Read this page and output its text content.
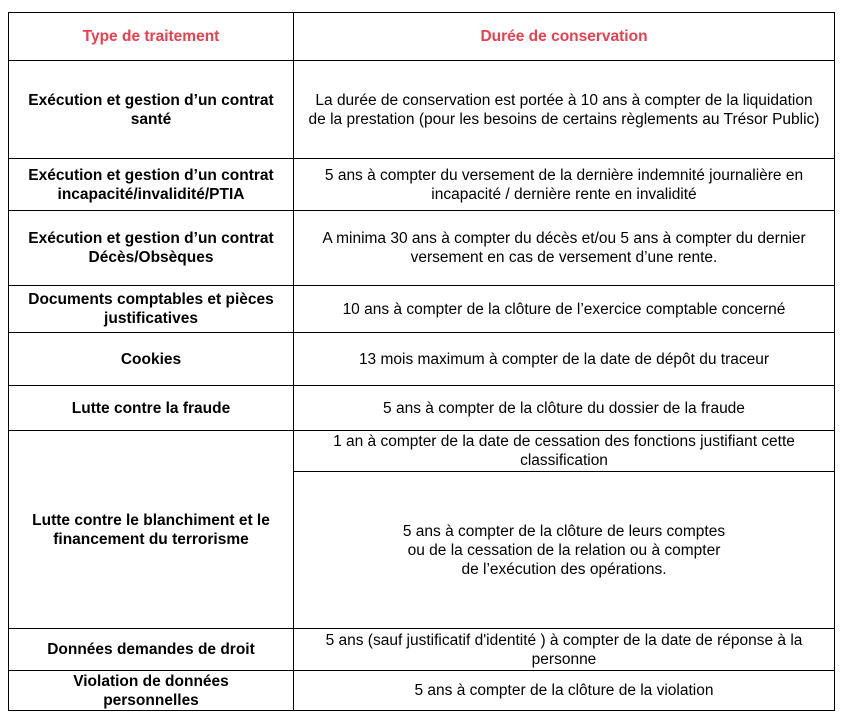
Type de traitement	Durée de conservation
Exécution et gestion d’un contrat santé	La durée de conservation est portée à 10 ans à compter de la liquidation de la prestation (pour les besoins de certains règlements au Trésor Public)
Exécution et gestion d’un contrat incapacité/invalidité/PTIA	5 ans à compter du versement de la dernière indemnité journalière en incapacité / dernière rente en invalidité
Exécution et gestion d’un contrat Décès/Obsèques	A minima 30 ans à compter du décès et/ou 5 ans à compter du dernier versement en cas de versement d’une rente.
Documents comptables et pièces justificatives	10 ans à compter de la clôture de l’exercice comptable concerné
Cookies	13 mois maximum à compter de la date de dépôt du traceur
Lutte contre la fraude	5 ans à compter de la clôture du dossier de la fraude
Lutte contre le blanchiment et le financement du terrorisme	1 an à compter de la date de cessation des fonctions justifiant cette classification

	5 ans à compter de la clôture de leurs comptes
ou de la cessation de la relation ou à compter
de l’exécution des opérations.

Données demandes de droit	5 ans (sauf justificatif d'identité ) à compter de la date de réponse à la personne
Violation de données personnelles	5 ans à compter de la clôture de la violation
